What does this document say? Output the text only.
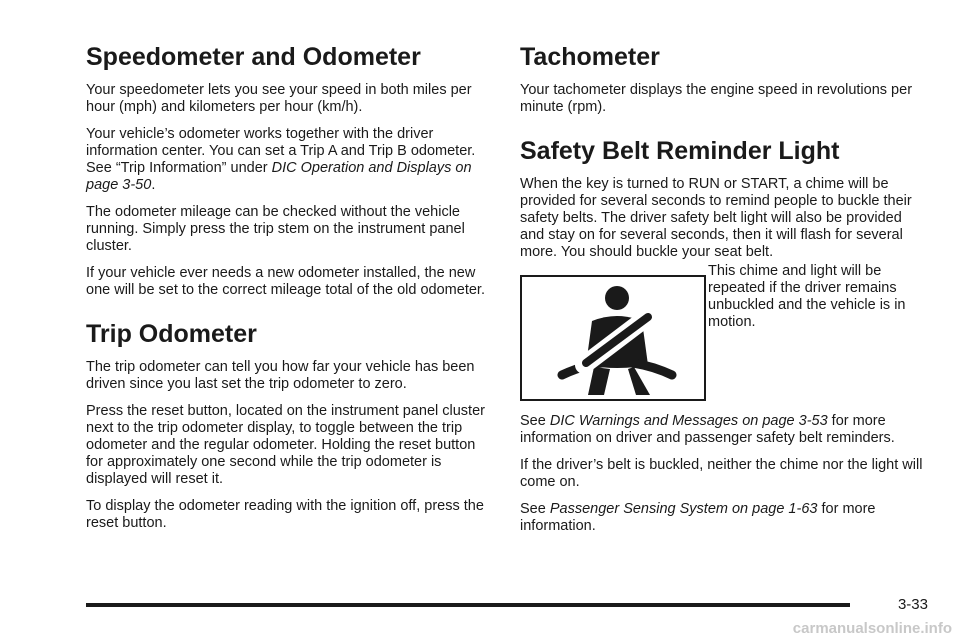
Speedometer and Odometer

Your speedometer lets you see your speed in both miles per hour (mph) and kilometers per hour (km/h).

Your vehicle’s odometer works together with the driver information center. You can set a Trip A and Trip B odometer. See “Trip Information” under DIC Operation and Displays on page 3-50.

The odometer mileage can be checked without the vehicle running. Simply press the trip stem on the instrument panel cluster.

If your vehicle ever needs a new odometer installed, the new one will be set to the correct mileage total of the old odometer.

Trip Odometer

The trip odometer can tell you how far your vehicle has been driven since you last set the trip odometer to zero.

Press the reset button, located on the instrument panel cluster next to the trip odometer display, to toggle between the trip odometer and the regular odometer. Holding the reset button for approximately one second while the trip odometer is displayed will reset it.

To display the odometer reading with the ignition off, press the reset button.

Tachometer

Your tachometer displays the engine speed in revolutions per minute (rpm).

Safety Belt Reminder Light

When the key is turned to RUN or START, a chime will be provided for several seconds to remind people to buckle their safety belts. The driver safety belt light will also be provided and stay on for several seconds, then it will flash for several more. You should buckle your seat belt.

This chime and light will be repeated if the driver remains unbuckled and the vehicle is in motion.

See DIC Warnings and Messages on page 3-53 for more information on driver and passenger safety belt reminders.

If the driver’s belt is buckled, neither the chime nor the light will come on.

See Passenger Sensing System on page 1-63 for more information.

3-33
carmanualsonline.info
